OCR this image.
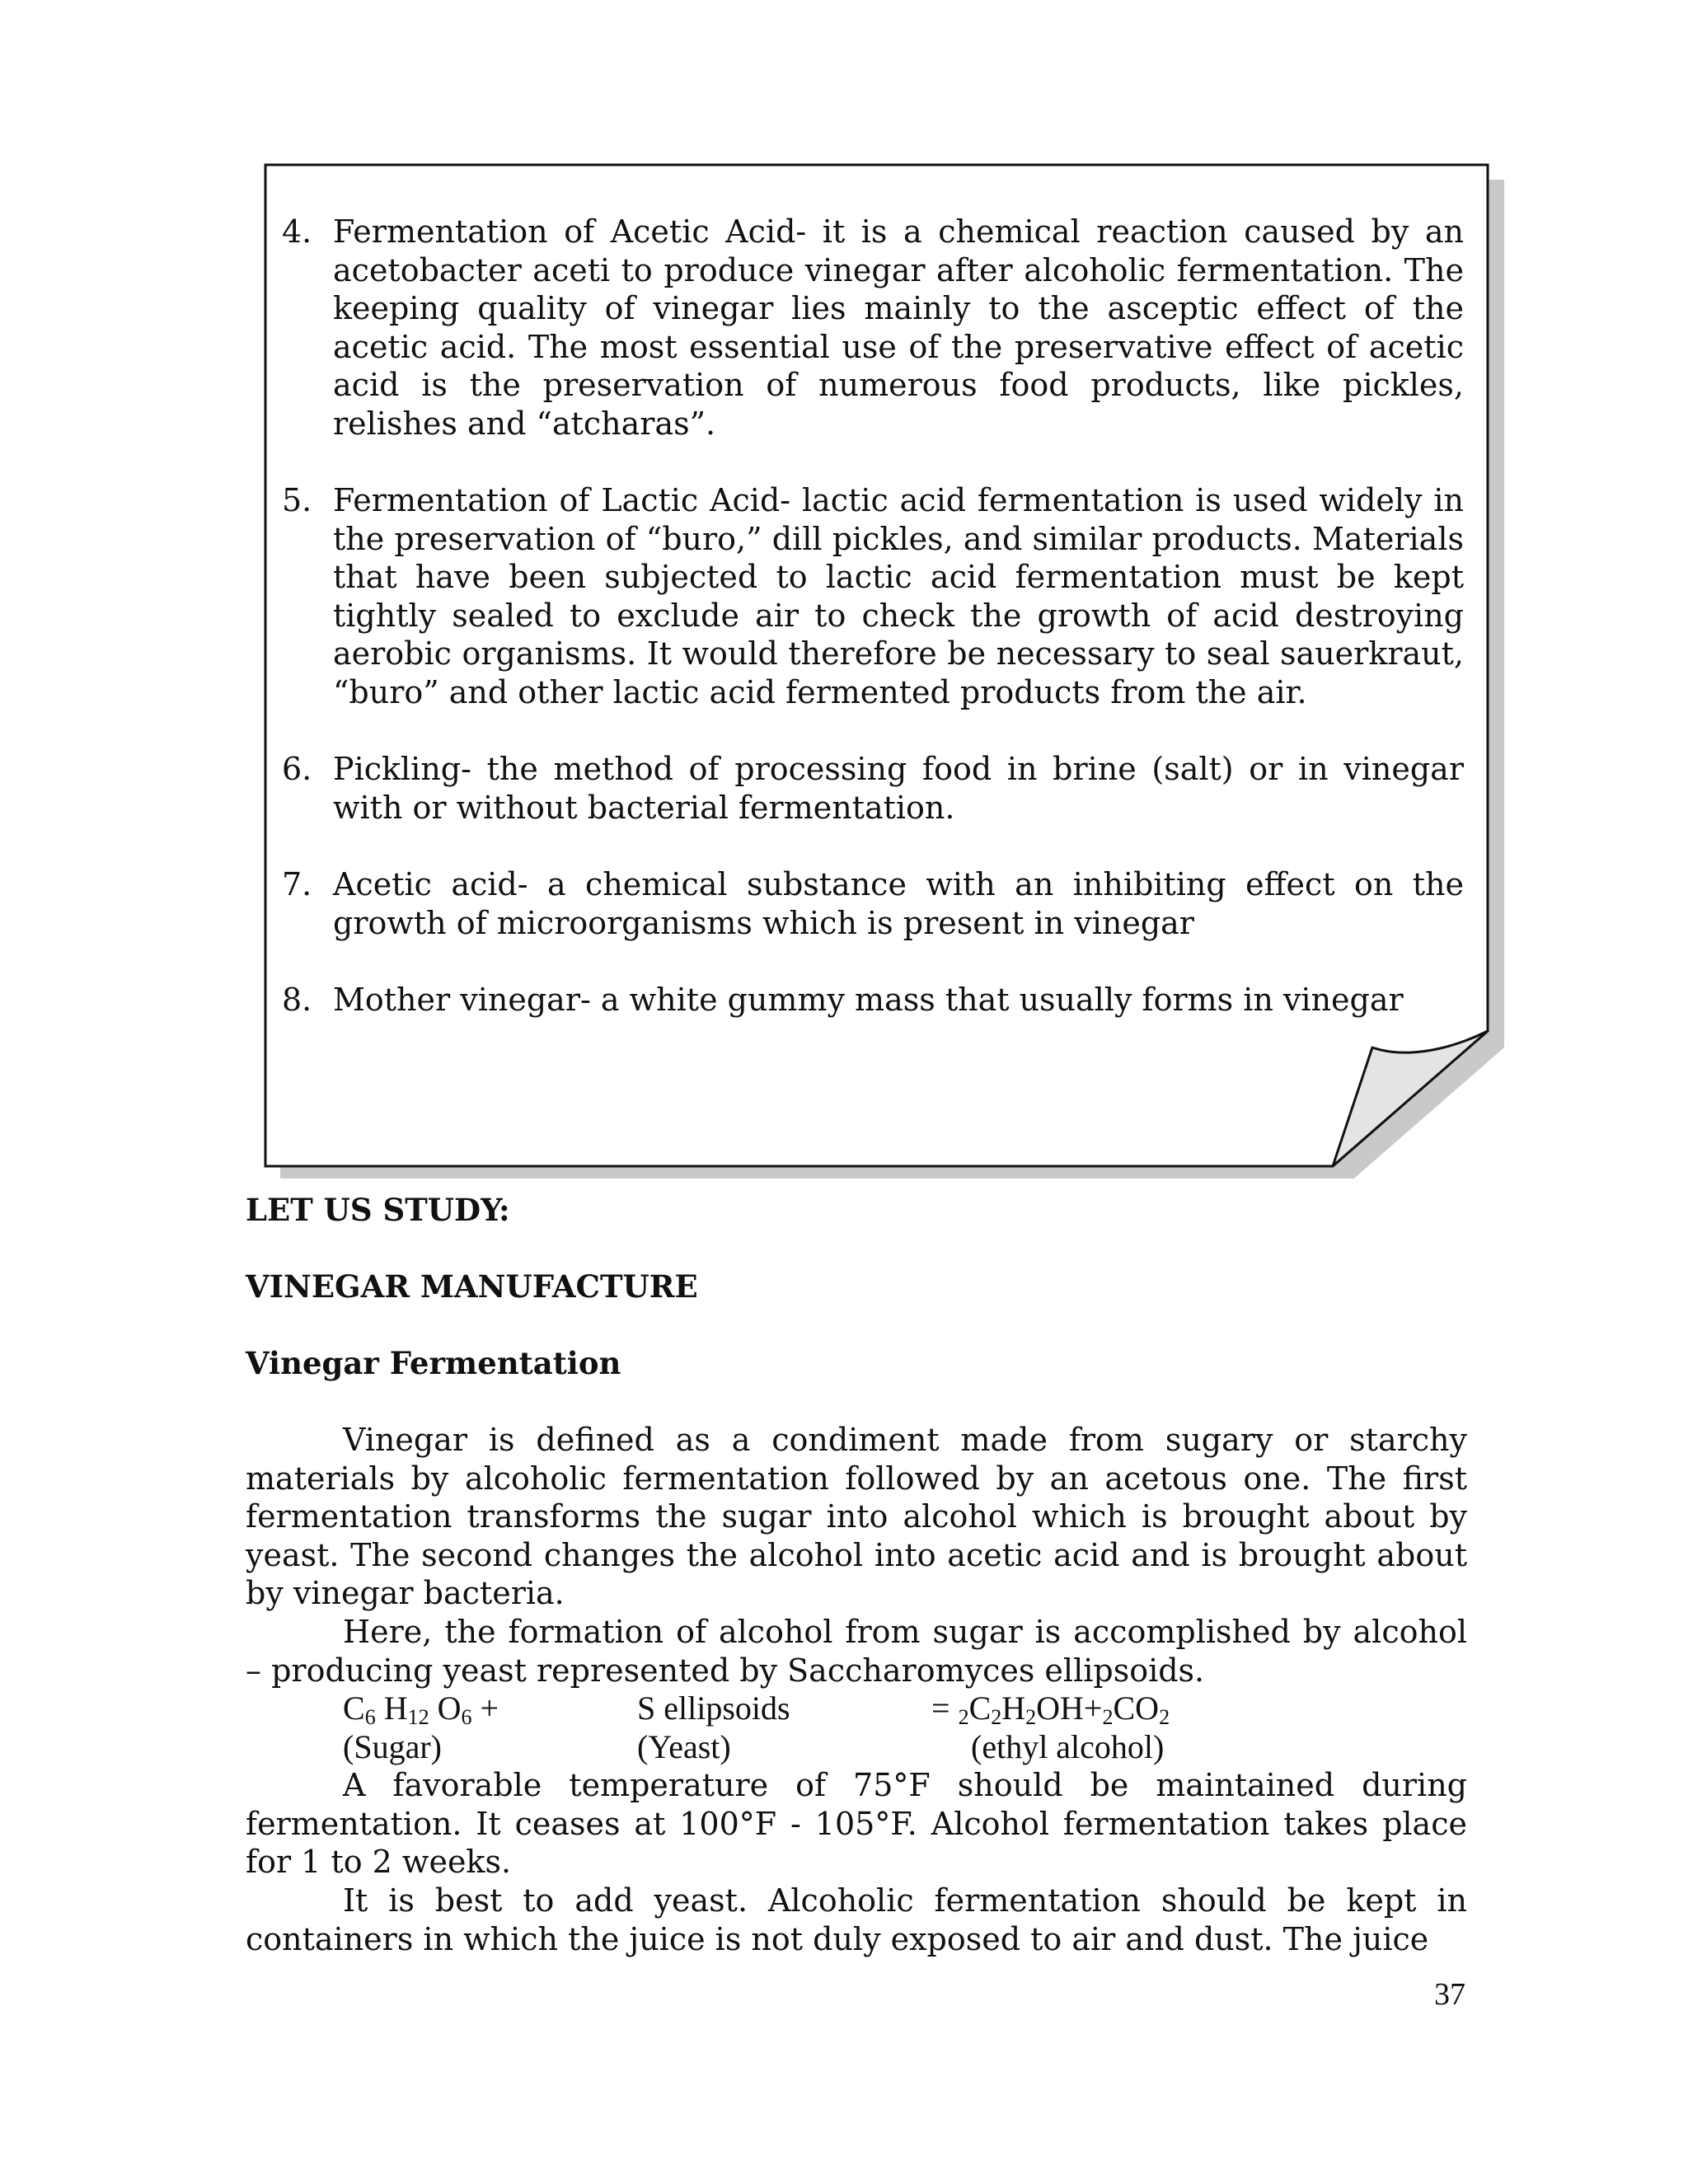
4. Fermentation of Acetic Acid- it is a chemical reaction caused by an acetobacter aceti to produce vinegar after alcoholic fermentation. The keeping quality of vinegar lies mainly to the asceptic effect of the acetic acid. The most essential use of the preservative effect of acetic acid is the preservation of numerous food products, like pickles, relishes and “atcharas”.
5. Fermentation of Lactic Acid- lactic acid fermentation is used widely in the preservation of “buro,” dill pickles, and similar products. Materials that have been subjected to lactic acid fermentation must be kept tightly sealed to exclude air to check the growth of acid destroying aerobic organisms. It would therefore be necessary to seal sauerkraut, “buro” and other lactic acid fermented products from the air.
6. Pickling- the method of processing food in brine (salt) or in vinegar with or without bacterial fermentation.
7. Acetic acid- a chemical substance with an inhibiting effect on the growth of microorganisms which is present in vinegar
8. Mother vinegar- a white gummy mass that usually forms in vinegar
LET US STUDY:
VINEGAR MANUFACTURE
Vinegar Fermentation

Vinegar is defined as a condiment made from sugary or starchy materials by alcoholic fermentation followed by an acetous one. The first fermentation transforms the sugar into alcohol which is brought about by yeast. The second changes the alcohol into acetic acid and is brought about by vinegar bacteria.

Here, the formation of alcohol from sugar is accomplished by alcohol – producing yeast represented by Saccharomyces ellipsoids.

$C_6$ $H_{12}$ $O_6$ +	S ellipsoids	= $_2C_2H_2OH+_2CO_2$
(Sugar)	(Yeast)	(ethyl alcohol)

A favorable temperature of 75°F should be maintained during fermentation. It ceases at 100°F - 105°F. Alcohol fermentation takes place for 1 to 2 weeks.

It is best to add yeast. Alcoholic fermentation should be kept in containers in which the juice is not duly exposed to air and dust. The juice

37
